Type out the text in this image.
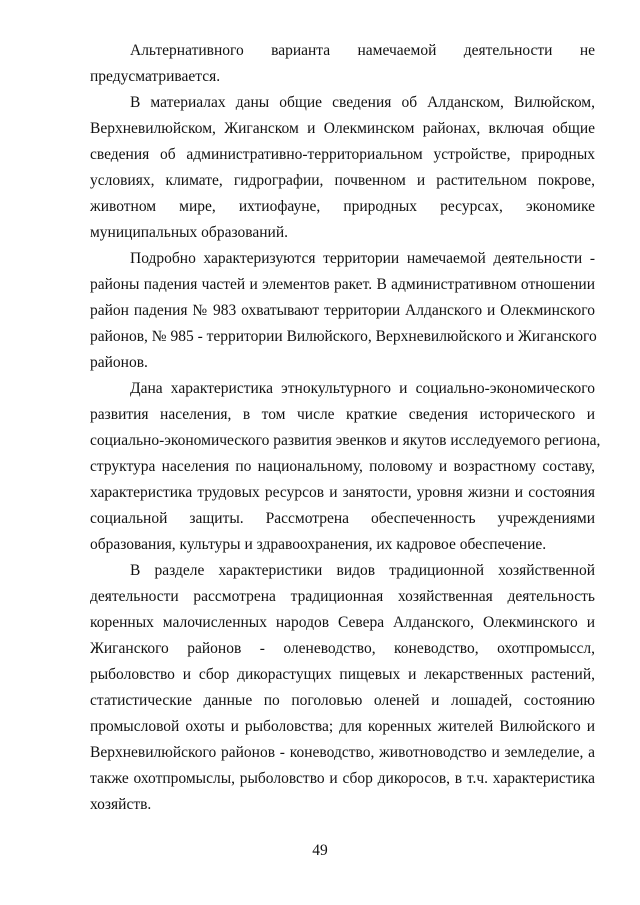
Альтернативного варианта намечаемой деятельности не
предусматривается.
В материалах даны общие сведения об Алданском, Вилюйском,
Верхневилюйском, Жиганском и Олекминском районах, включая общие
сведения об административно-территориальном устройстве, природных
условиях, климате, гидрографии, почвенном и растительном покрове,
животном мире, ихтиофауне, природных ресурсах, экономике
муниципальных образований.
Подробно характеризуются территории намечаемой деятельности -
районы падения частей и элементов ракет. В административном отношении
район падения № 983 охватывают территории Алданского и Олекминского
районов, № 985 - территории Вилюйского, Верхневилюйского и Жиганского
районов.
Дана характеристика этнокультурного и социально-экономического
развития населения, в том числе краткие сведения исторического и
социально-экономического развития эвенков и якутов исследуемого региона,
структура населения по национальному, половому и возрастному составу,
характеристика трудовых ресурсов и занятости, уровня жизни и состояния
социальной защиты. Рассмотрена обеспеченность учреждениями
образования, культуры и здравоохранения, их кадровое обеспечение.
В разделе характеристики видов традиционной хозяйственной
деятельности рассмотрена традиционная хозяйственная деятельность
коренных малочисленных народов Севера Алданского, Олекминского и
Жиганского районов - оленеводство, коневодство, охотпромыссл,
рыболовство и сбор дикорастущих пищевых и лекарственных растений,
статистические данные по поголовью оленей и лошадей, состоянию
промысловой охоты и рыболовства; для коренных жителей Вилюйского и
Верхневилюйского районов - коневодство, животноводство и земледелие, а
также охотпромыслы, рыболовство и сбор дикоросов, в т.ч. характеристика
хозяйств.
49
